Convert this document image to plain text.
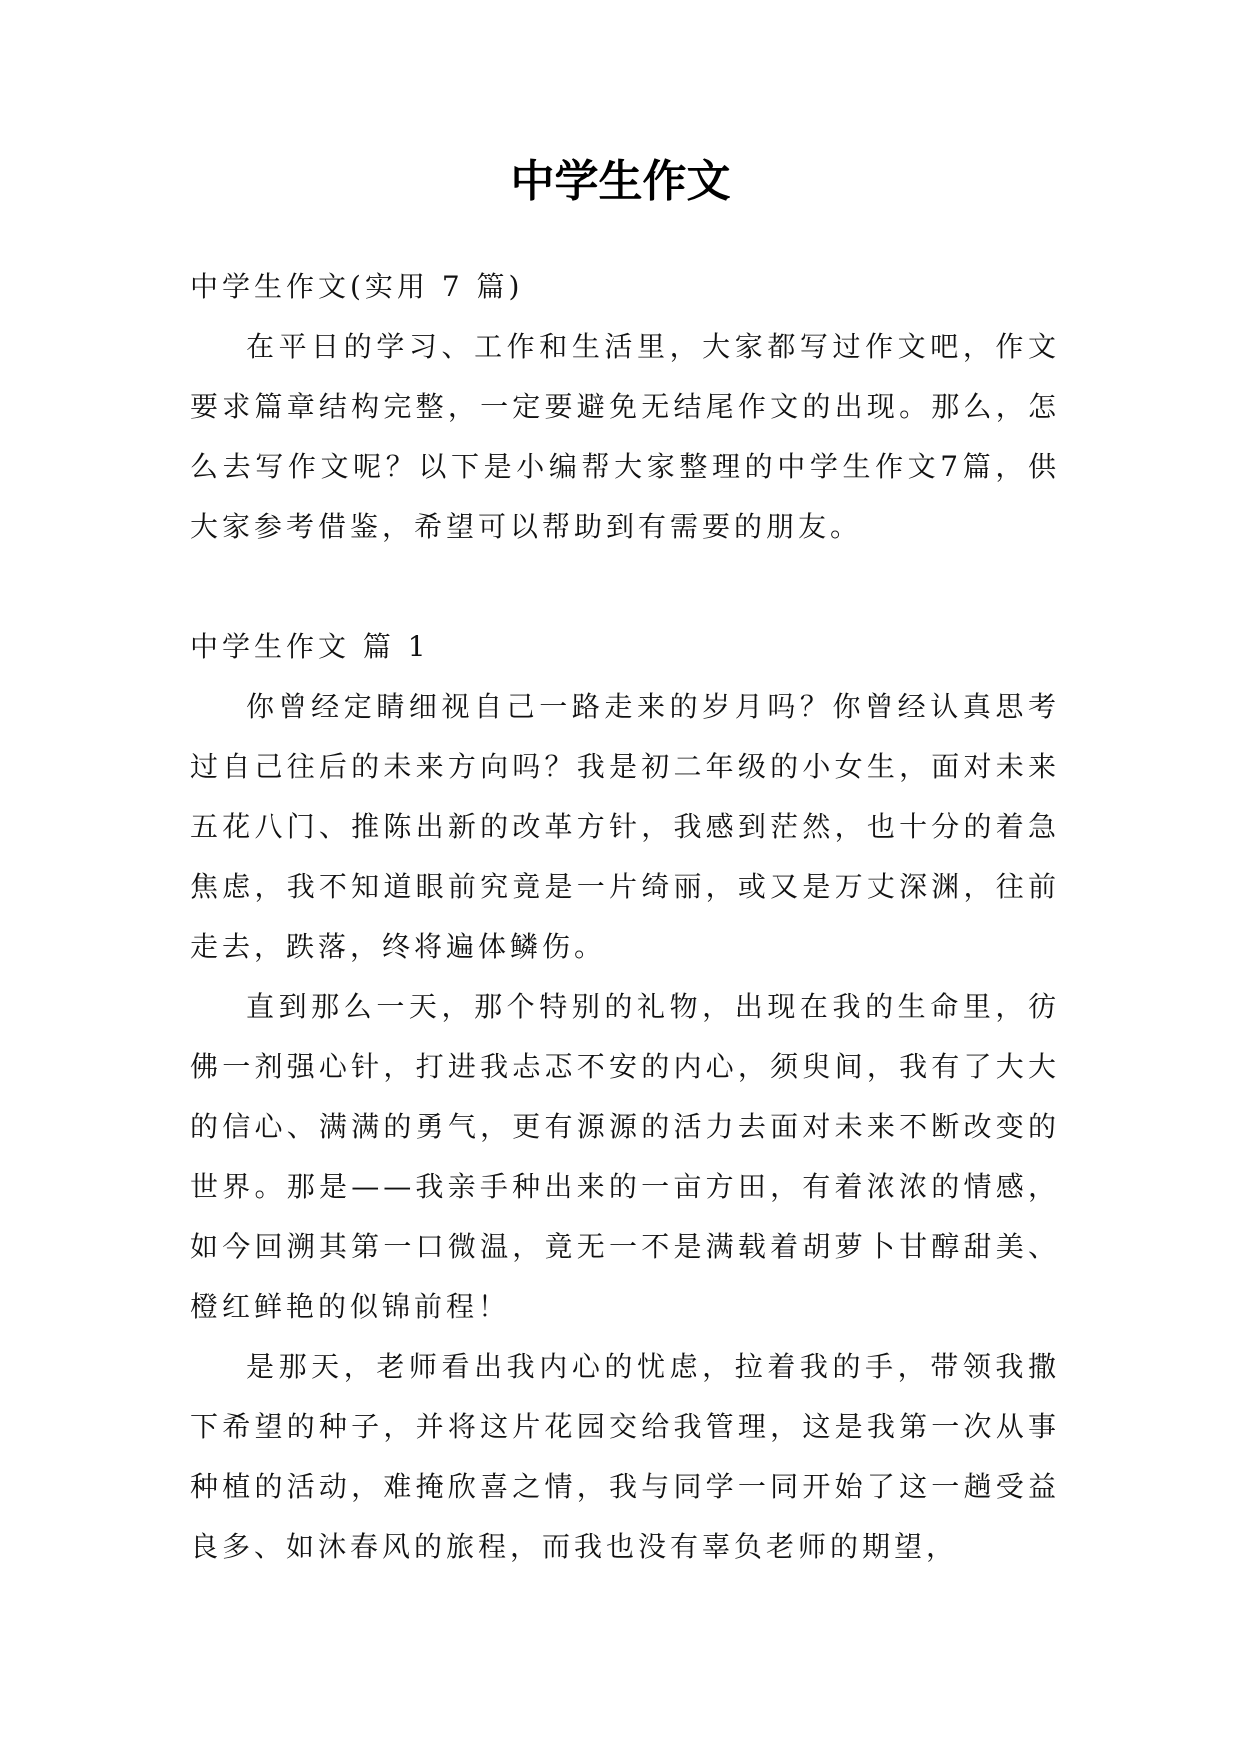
中学生作文

中学生作文(实用 7 篇)

在平日的学习、工作和生活里，大家都写过作文吧，作文要求篇章结构完整，一定要避免无结尾作文的出现。那么，怎么去写作文呢？以下是小编帮大家整理的中学生作文7篇，供大家参考借鉴，希望可以帮助到有需要的朋友。

中学生作文 篇 1

你曾经定睛细视自己一路走来的岁月吗？你曾经认真思考过自己往后的未来方向吗？我是初二年级的小女生，面对未来五花八门、推陈出新的改革方针，我感到茫然，也十分的着急焦虑，我不知道眼前究竟是一片绮丽，或又是万丈深渊，往前走去，跌落，终将遍体鳞伤。

直到那么一天，那个特别的礼物，出现在我的生命里，彷佛一剂强心针，打进我忐忑不安的内心，须臾间，我有了大大的信心、满满的勇气，更有源源的活力去面对未来不断改变的世界。那是——我亲手种出来的一亩方田，有着浓浓的情感，如今回溯其第一口微温，竟无一不是满载着胡萝卜甘醇甜美、橙红鲜艳的似锦前程！

是那天，老师看出我内心的忧虑，拉着我的手，带领我撒下希望的种子，并将这片花园交给我管理，这是我第一次从事种植的活动，难掩欣喜之情，我与同学一同开始了这一趟受益良多、如沐春风的旅程，而我也没有辜负老师的期望，
